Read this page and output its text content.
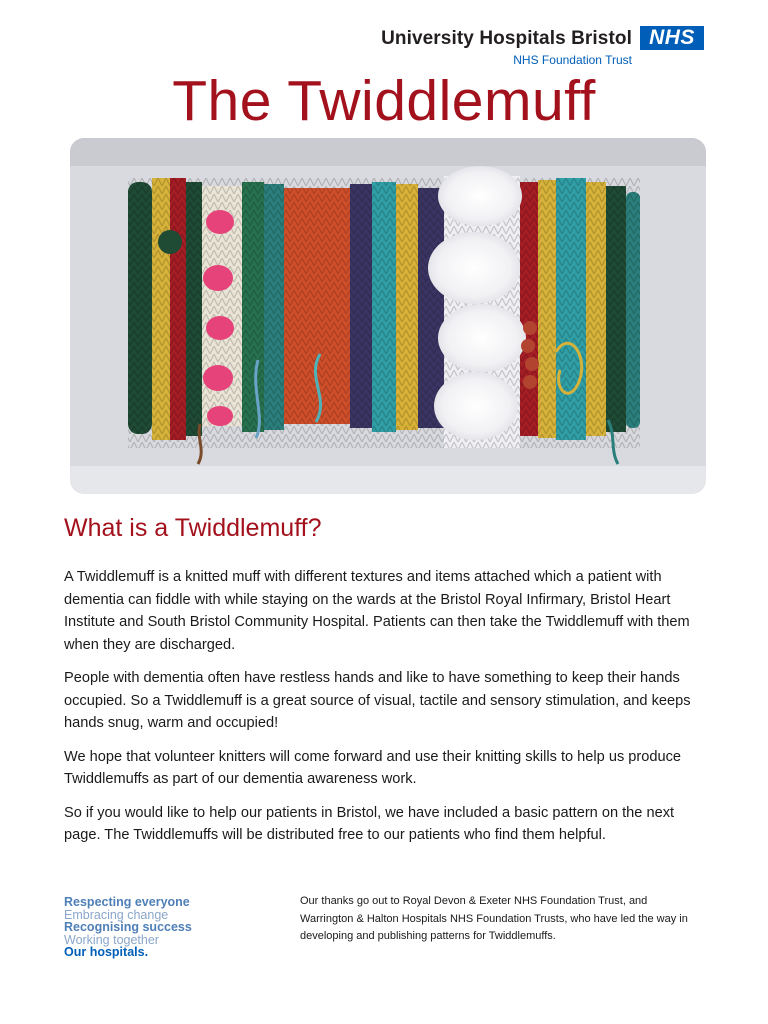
University Hospitals Bristol
NHS Foundation Trust
NHS
The Twiddlemuff
What is a Twiddlemuff?

A Twiddlemuff is a knitted muff with different textures and items attached which a patient with dementia can fiddle with while staying on the wards at the Bristol Royal Infirmary, Bristol Heart Institute and South Bristol Community Hospital. Patients can then take the Twiddlemuff with them when they are discharged.

People with dementia often have restless hands and like to have something to keep their hands occupied. So a Twiddlemuff is a great source of visual, tactile and sensory stimulation, and keeps hands snug, warm and occupied!

We hope that volunteer knitters will come forward and use their knitting skills to help us produce Twiddlemuffs as part of our dementia awareness work.

So if you would like to help our patients in Bristol, we have included a basic pattern on the next page. The Twiddlemuffs will be distributed free to our patients who find them helpful.

Respecting everyone
Embracing change
Recognising success
Working together
Our hospitals.
Our thanks go out to Royal Devon & Exeter NHS Foundation Trust, and Warrington & Halton Hospitals NHS Foundation Trusts, who have led the way in developing and publishing patterns for Twiddlemuffs.
